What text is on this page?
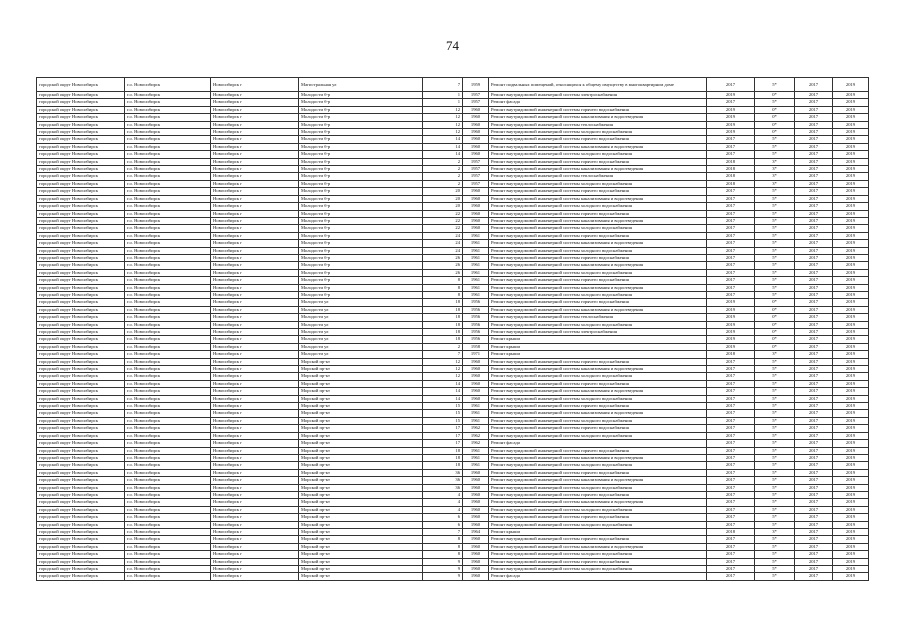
74
городской округ Новосибирск	г.о. Новосибирск	Новосибирск г	Магистральная ул	7	1959	Ремонт подвальных помещений, относящихся к общему имуществу в многоквартирном доме	2017	5*	2017	2019
городской округ Новосибирск	г.о. Новосибирск	Новосибирск г	Молодости б-р	1	1957	Ремонт внутридомовой инженерной системы электроснабжения	2019	0*	2017	2019
городской округ Новосибирск	г.о. Новосибирск	Новосибирск г	Молодости б-р	1	1957	Ремонт фасада	2017	5*	2017	2019
городской округ Новосибирск	г.о. Новосибирск	Новосибирск г	Молодости б-р	12	1960	Ремонт внутридомовой инженерной системы горячего водоснабжения	2019	0*	2017	2019
городской округ Новосибирск	г.о. Новосибирск	Новосибирск г	Молодости б-р	12	1960	Ремонт внутридомовой инженерной системы канализования и водоотведения	2019	0*	2017	2019
городской округ Новосибирск	г.о. Новосибирск	Новосибирск г	Молодости б-р	12	1960	Ремонт внутридомовой инженерной системы теплоснабжения	2019	0*	2017	2019
городской округ Новосибирск	г.о. Новосибирск	Новосибирск г	Молодости б-р	12	1960	Ремонт внутридомовой инженерной системы холодного водоснабжения	2019	0*	2017	2019
городской округ Новосибирск	г.о. Новосибирск	Новосибирск г	Молодости б-р	14	1960	Ремонт внутридомовой инженерной системы горячего водоснабжения	2017	5*	2017	2019
городской округ Новосибирск	г.о. Новосибирск	Новосибирск г	Молодости б-р	14	1960	Ремонт внутридомовой инженерной системы канализования и водоотведения	2017	5*	2017	2019
городской округ Новосибирск	г.о. Новосибирск	Новосибирск г	Молодости б-р	14	1960	Ремонт внутридомовой инженерной системы холодного водоснабжения	2017	5*	2017	2019
городской округ Новосибирск	г.о. Новосибирск	Новосибирск г	Молодости б-р	2	1957	Ремонт внутридомовой инженерной системы горячего водоснабжения	2018	3*	2017	2019
городской округ Новосибирск	г.о. Новосибирск	Новосибирск г	Молодости б-р	2	1957	Ремонт внутридомовой инженерной системы канализования и водоотведения	2018	3*	2017	2019
городской округ Новосибирск	г.о. Новосибирск	Новосибирск г	Молодости б-р	2	1957	Ремонт внутридомовой инженерной системы теплоснабжения	2018	3*	2017	2019
городской округ Новосибирск	г.о. Новосибирск	Новосибирск г	Молодости б-р	2	1957	Ремонт внутридомовой инженерной системы холодного водоснабжения	2018	3*	2017	2019
городской округ Новосибирск	г.о. Новосибирск	Новосибирск г	Молодости б-р	20	1960	Ремонт внутридомовой инженерной системы горячего водоснабжения	2017	5*	2017	2019
городской округ Новосибирск	г.о. Новосибирск	Новосибирск г	Молодости б-р	20	1960	Ремонт внутридомовой инженерной системы канализования и водоотведения	2017	5*	2017	2019
городской округ Новосибирск	г.о. Новосибирск	Новосибирск г	Молодости б-р	20	1960	Ремонт внутридомовой инженерной системы холодного водоснабжения	2017	5*	2017	2019
городской округ Новосибирск	г.о. Новосибирск	Новосибирск г	Молодости б-р	22	1960	Ремонт внутридомовой инженерной системы горячего водоснабжения	2017	5*	2017	2019
городской округ Новосибирск	г.о. Новосибирск	Новосибирск г	Молодости б-р	22	1960	Ремонт внутридомовой инженерной системы канализования и водоотведения	2017	5*	2017	2019
городской округ Новосибирск	г.о. Новосибирск	Новосибирск г	Молодости б-р	22	1960	Ремонт внутридомовой инженерной системы холодного водоснабжения	2017	5*	2017	2019
городской округ Новосибирск	г.о. Новосибирск	Новосибирск г	Молодости б-р	24	1961	Ремонт внутридомовой инженерной системы горячего водоснабжения	2017	5*	2017	2019
городской округ Новосибирск	г.о. Новосибирск	Новосибирск г	Молодости б-р	24	1961	Ремонт внутридомовой инженерной системы канализования и водоотведения	2017	5*	2017	2019
городской округ Новосибирск	г.о. Новосибирск	Новосибирск г	Молодости б-р	24	1961	Ремонт внутридомовой инженерной системы холодного водоснабжения	2017	5*	2017	2019
городской округ Новосибирск	г.о. Новосибирск	Новосибирск г	Молодости б-р	26	1961	Ремонт внутридомовой инженерной системы горячего водоснабжения	2017	5*	2017	2019
городской округ Новосибирск	г.о. Новосибирск	Новосибирск г	Молодости б-р	26	1961	Ремонт внутридомовой инженерной системы канализования и водоотведения	2017	5*	2017	2019
городской округ Новосибирск	г.о. Новосибирск	Новосибирск г	Молодости б-р	26	1961	Ремонт внутридомовой инженерной системы холодного водоснабжения	2017	5*	2017	2019
городской округ Новосибирск	г.о. Новосибирск	Новосибирск г	Молодости б-р	8	1961	Ремонт внутридомовой инженерной системы горячего водоснабжения	2017	5*	2017	2019
городской округ Новосибирск	г.о. Новосибирск	Новосибирск г	Молодости б-р	8	1961	Ремонт внутридомовой инженерной системы канализования и водоотведения	2017	5*	2017	2019
городской округ Новосибирск	г.о. Новосибирск	Новосибирск г	Молодости б-р	8	1961	Ремонт внутридомовой инженерной системы холодного водоснабжения	2017	5*	2017	2019
городской округ Новосибирск	г.о. Новосибирск	Новосибирск г	Молодости ул	18	1956	Ремонт внутридомовой инженерной системы горячего водоснабжения	2019	0*	2017	2019
городской округ Новосибирск	г.о. Новосибирск	Новосибирск г	Молодости ул	18	1956	Ремонт внутридомовой инженерной системы канализования и водоотведения	2019	0*	2017	2019
городской округ Новосибирск	г.о. Новосибирск	Новосибирск г	Молодости ул	18	1956	Ремонт внутридомовой инженерной системы теплоснабжения	2019	0*	2017	2019
городской округ Новосибирск	г.о. Новосибирск	Новосибирск г	Молодости ул	18	1956	Ремонт внутридомовой инженерной системы холодного водоснабжения	2019	0*	2017	2019
городской округ Новосибирск	г.о. Новосибирск	Новосибирск г	Молодости ул	18	1956	Ремонт внутридомовой инженерной системы электроснабжения	2019	0*	2017	2019
городской округ Новосибирск	г.о. Новосибирск	Новосибирск г	Молодости ул	18	1956	Ремонт крыши	2019	0*	2017	2019
городской округ Новосибирск	г.о. Новосибирск	Новосибирск г	Молодости ул	2	1958	Ремонт крыши	2019	0*	2017	2019
городской округ Новосибирск	г.о. Новосибирск	Новосибирск г	Молодости ул	7	1971	Ремонт крыши	2018	3*	2017	2019
городской округ Новосибирск	г.о. Новосибирск	Новосибирск г	Морской пр-кт	12	1960	Ремонт внутридомовой инженерной системы горячего водоснабжения	2017	5*	2017	2019
городской округ Новосибирск	г.о. Новосибирск	Новосибирск г	Морской пр-кт	12	1960	Ремонт внутридомовой инженерной системы канализования и водоотведения	2017	5*	2017	2019
городской округ Новосибирск	г.о. Новосибирск	Новосибирск г	Морской пр-кт	12	1960	Ремонт внутридомовой инженерной системы холодного водоснабжения	2017	5*	2017	2019
городской округ Новосибирск	г.о. Новосибирск	Новосибирск г	Морской пр-кт	14	1960	Ремонт внутридомовой инженерной системы горячего водоснабжения	2017	5*	2017	2019
городской округ Новосибирск	г.о. Новосибирск	Новосибирск г	Морской пр-кт	14	1960	Ремонт внутридомовой инженерной системы канализования и водоотведения	2017	5*	2017	2019
городской округ Новосибирск	г.о. Новосибирск	Новосибирск г	Морской пр-кт	14	1960	Ремонт внутридомовой инженерной системы холодного водоснабжения	2017	5*	2017	2019
городской округ Новосибирск	г.о. Новосибирск	Новосибирск г	Морской пр-кт	15	1961	Ремонт внутридомовой инженерной системы горячего водоснабжения	2017	5*	2017	2019
городской округ Новосибирск	г.о. Новосибирск	Новосибирск г	Морской пр-кт	15	1961	Ремонт внутридомовой инженерной системы канализования и водоотведения	2017	5*	2017	2019
городской округ Новосибирск	г.о. Новосибирск	Новосибирск г	Морской пр-кт	15	1961	Ремонт внутридомовой инженерной системы холодного водоснабжения	2017	5*	2017	2019
городской округ Новосибирск	г.о. Новосибирск	Новосибирск г	Морской пр-кт	17	1962	Ремонт внутридомовой инженерной системы горячего водоснабжения	2017	5*	2017	2019
городской округ Новосибирск	г.о. Новосибирск	Новосибирск г	Морской пр-кт	17	1962	Ремонт внутридомовой инженерной системы холодного водоснабжения	2017	5*	2017	2019
городской округ Новосибирск	г.о. Новосибирск	Новосибирск г	Морской пр-кт	17	1962	Ремонт фасада	2017	5*	2017	2019
городской округ Новосибирск	г.о. Новосибирск	Новосибирск г	Морской пр-кт	18	1961	Ремонт внутридомовой инженерной системы горячего водоснабжения	2017	5*	2017	2019
городской округ Новосибирск	г.о. Новосибирск	Новосибирск г	Морской пр-кт	18	1961	Ремонт внутридомовой инженерной системы канализования и водоотведения	2017	5*	2017	2019
городской округ Новосибирск	г.о. Новосибирск	Новосибирск г	Морской пр-кт	18	1961	Ремонт внутридомовой инженерной системы холодного водоснабжения	2017	5*	2017	2019
городской округ Новосибирск	г.о. Новосибирск	Новосибирск г	Морской пр-кт	36	1960	Ремонт внутридомовой инженерной системы горячего водоснабжения	2017	5*	2017	2019
городской округ Новосибирск	г.о. Новосибирск	Новосибирск г	Морской пр-кт	36	1960	Ремонт внутридомовой инженерной системы канализования и водоотведения	2017	5*	2017	2019
городской округ Новосибирск	г.о. Новосибирск	Новосибирск г	Морской пр-кт	36	1960	Ремонт внутридомовой инженерной системы холодного водоснабжения	2017	5*	2017	2019
городской округ Новосибирск	г.о. Новосибирск	Новосибирск г	Морской пр-кт	4	1960	Ремонт внутридомовой инженерной системы горячего водоснабжения	2017	5*	2017	2019
городской округ Новосибирск	г.о. Новосибирск	Новосибирск г	Морской пр-кт	4	1960	Ремонт внутридомовой инженерной системы канализования и водоотведения	2017	5*	2017	2019
городской округ Новосибирск	г.о. Новосибирск	Новосибирск г	Морской пр-кт	4	1960	Ремонт внутридомовой инженерной системы холодного водоснабжения	2017	5*	2017	2019
городской округ Новосибирск	г.о. Новосибирск	Новосибирск г	Морской пр-кт	6	1960	Ремонт внутридомовой инженерной системы горячего водоснабжения	2017	5*	2017	2019
городской округ Новосибирск	г.о. Новосибирск	Новосибирск г	Морской пр-кт	6	1960	Ремонт внутридомовой инженерной системы холодного водоснабжения	2017	5*	2017	2019
городской округ Новосибирск	г.о. Новосибирск	Новосибирск г	Морской пр-кт	7	1964	Ремонт крыши	2018	3*	2017	2019
городской округ Новосибирск	г.о. Новосибирск	Новосибирск г	Морской пр-кт	8	1960	Ремонт внутридомовой инженерной системы горячего водоснабжения	2017	5*	2017	2019
городской округ Новосибирск	г.о. Новосибирск	Новосибирск г	Морской пр-кт	8	1960	Ремонт внутридомовой инженерной системы канализования и водоотведения	2017	5*	2017	2019
городской округ Новосибирск	г.о. Новосибирск	Новосибирск г	Морской пр-кт	8	1960	Ремонт внутридомовой инженерной системы холодного водоснабжения	2017	5*	2017	2019
городской округ Новосибирск	г.о. Новосибирск	Новосибирск г	Морской пр-кт	9	1960	Ремонт внутридомовой инженерной системы горячего водоснабжения	2017	5*	2017	2019
городской округ Новосибирск	г.о. Новосибирск	Новосибирск г	Морской пр-кт	9	1960	Ремонт внутридомовой инженерной системы холодного водоснабжения	2017	5*	2017	2019
городской округ Новосибирск	г.о. Новосибирск	Новосибирск г	Морской пр-кт	9	1960	Ремонт фасада	2017	5*	2017	2019
